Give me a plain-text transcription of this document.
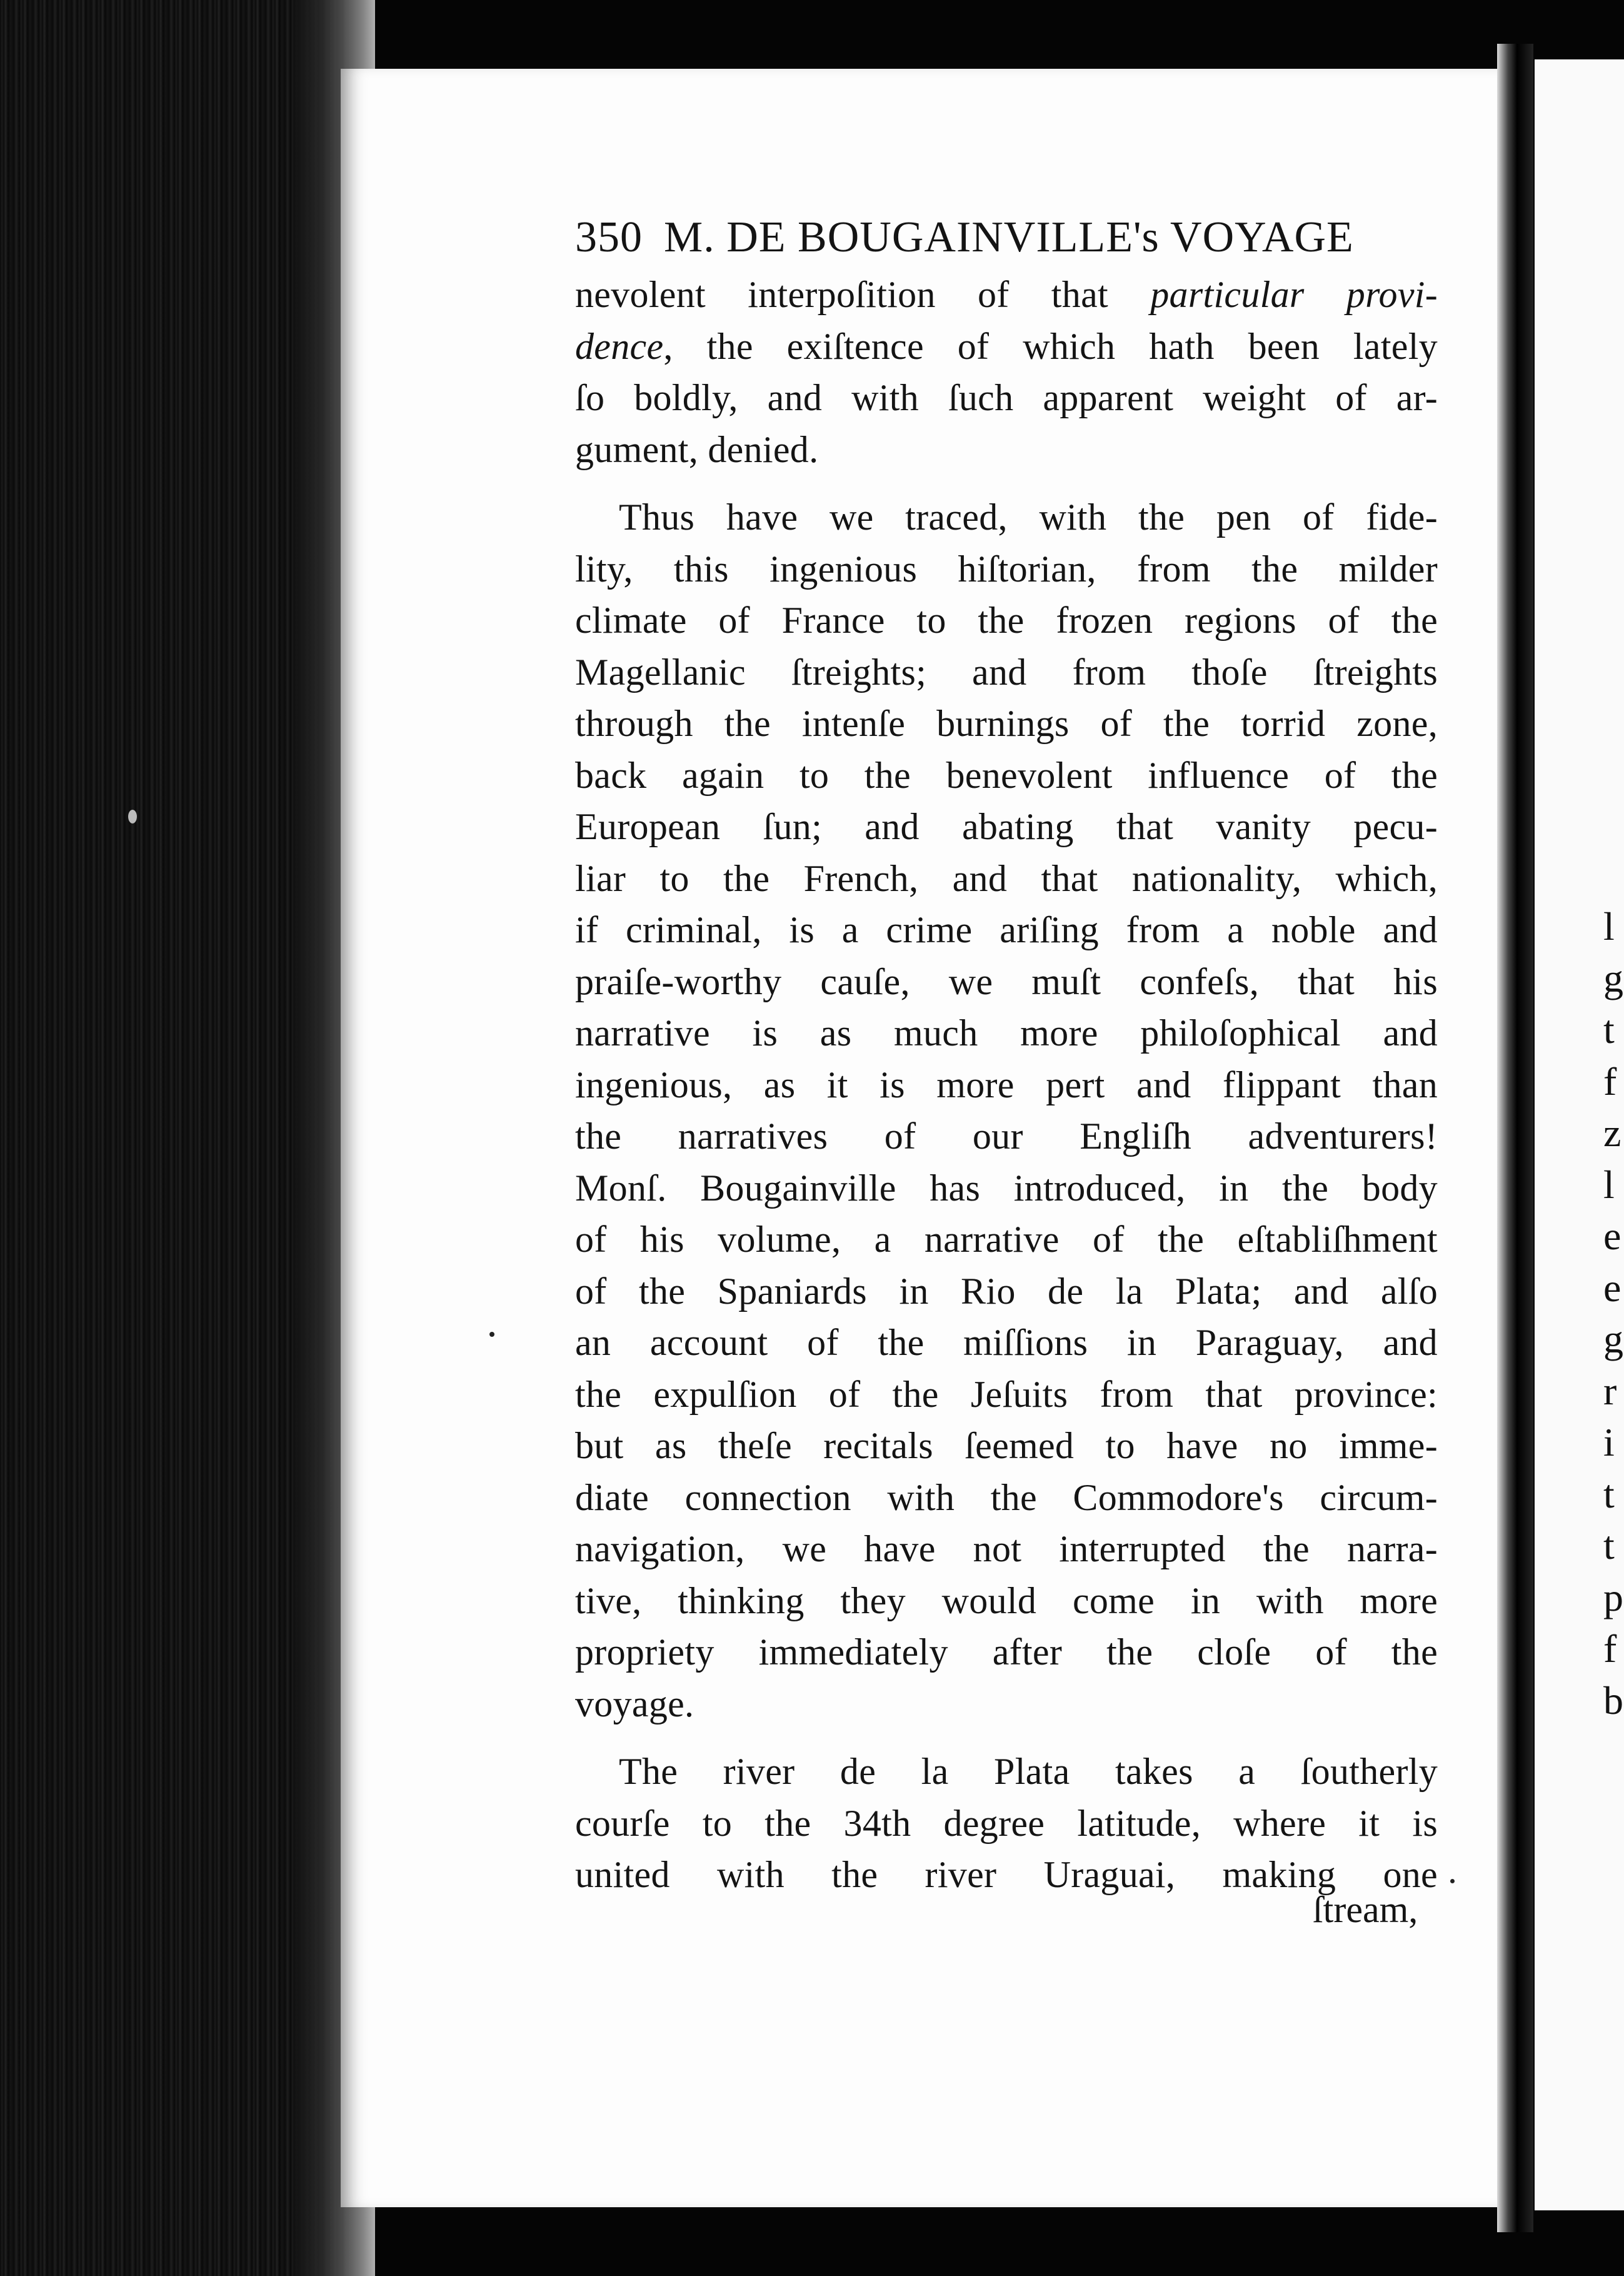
350 M. DE BOUGAINVILLE's VOYAGE
nevolent interpoſition of that particular provi-
dence, the exiſtence of which hath been lately
ſo boldly, and with ſuch apparent weight of ar-
gument, denied.
Thus have we traced, with the pen of fide-
lity, this ingenious hiſtorian, from the milder
climate of France to the frozen regions of the
Magellanic ſtreights; and from thoſe ſtreights
through the intenſe burnings of the torrid zone,
back again to the benevolent influence of the
European ſun; and abating that vanity pecu-
liar to the French, and that nationality, which,
if criminal, is a crime ariſing from a noble and
praiſe-worthy cauſe, we muſt confeſs, that his
narrative is as much more philoſophical and
ingenious, as it is more pert and flippant than
the narratives of our Engliſh adventurers!
Monſ. Bougainville has introduced, in the body
of his volume, a narrative of the eſtabliſhment
of the Spaniards in Rio de la Plata; and alſo
an account of the miſſions in Paraguay, and
the expulſion of the Jeſuits from that province:
but as theſe recitals ſeemed to have no imme-
diate connection with the Commodore's circum-
navigation, we have not interrupted the narra-
tive, thinking they would come in with more
propriety immediately after the cloſe of the
voyage.
The river de la Plata takes a ſoutherly
courſe to the 34th degree latitude, where it is
united with the river Uraguai, making one
ſtream,
l
g
t
f
z
l
e
e
g
r
i
t
t
p
f
b
